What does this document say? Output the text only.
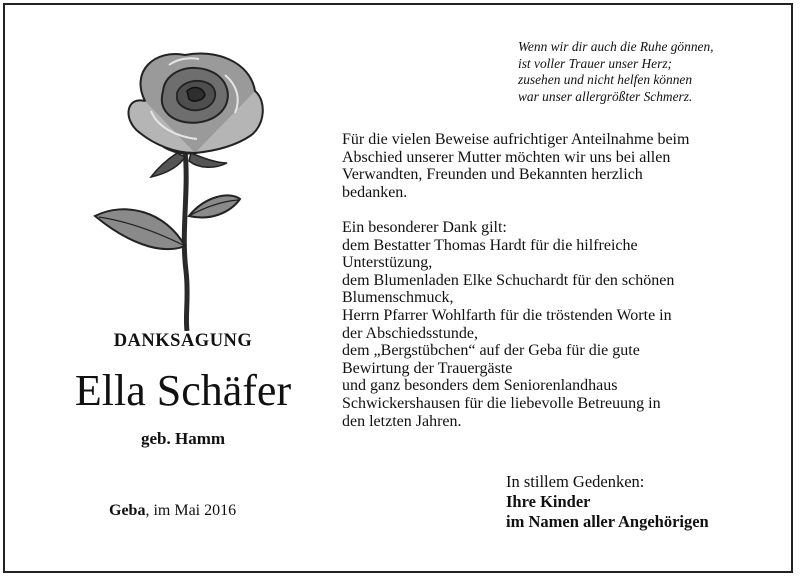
Wenn wir dir auch die Ruhe gönnen,
ist voller Trauer unser Herz;
zusehen und nicht helfen können
war unser allergrößter Schmerz.
Für die vielen Beweise aufrichtiger Anteilnahme beim
Abschied unserer Mutter möchten wir uns bei allen
Verwandten, Freunden und Bekannten herzlich
bedanken.
Ein besonderer Dank gilt:
dem Bestatter Thomas Hardt für die hilfreiche
Unterstüzung,
dem Blumenladen Elke Schuchardt für den schönen
Blumenschmuck,
Herrn Pfarrer Wohlfarth für die tröstenden Worte in
der Abschiedsstunde,
dem „Bergstübchen“ auf der Geba für die gute
Bewirtung der Trauergäste
und ganz besonders dem Seniorenlandhaus
Schwickershausen für die liebevolle Betreuung in
den letzten Jahren.
DANKSAGUNG
Ella Schäfer
geb. Hamm
Geba, im Mai 2016
In stillem Gedenken:
Ihre Kinder
im Namen aller Angehörigen
